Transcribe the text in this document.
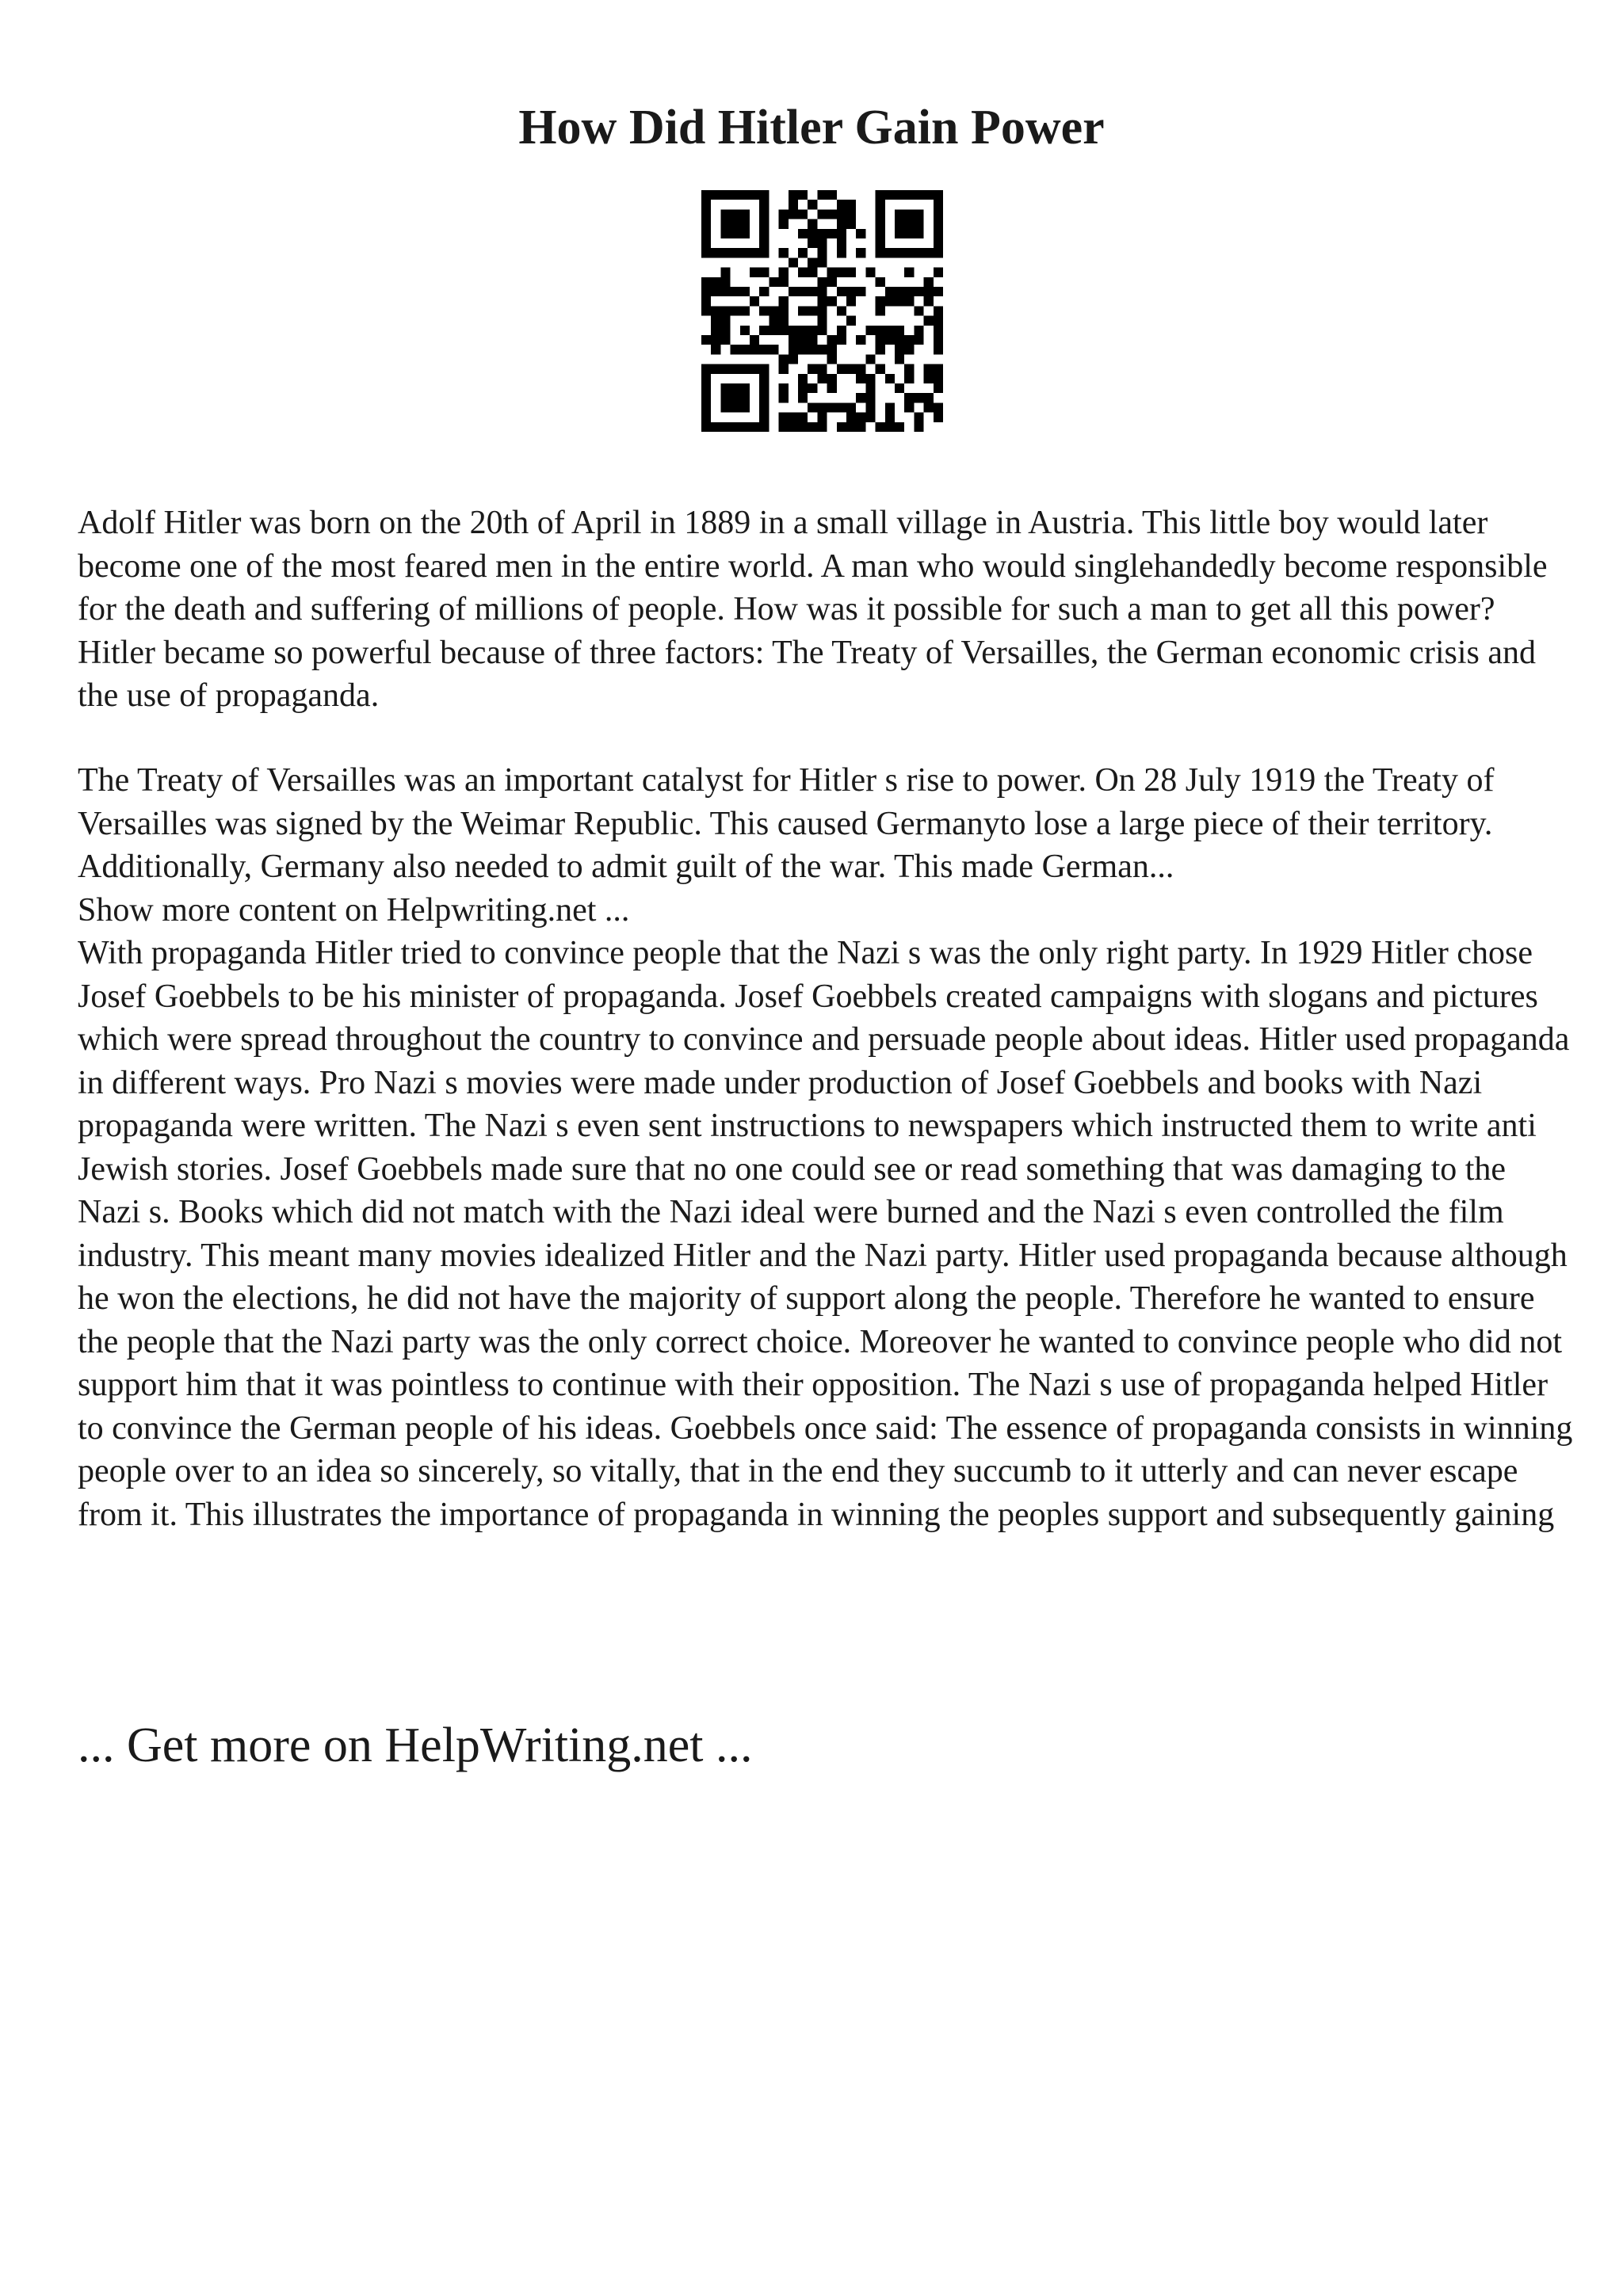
How Did Hitler Gain Power

Adolf Hitler was born on the 20th of April in 1889 in a small village in Austria. This little boy would later become one of the most feared men in the entire world. A man who would singlehandedly become responsible for the death and suffering of millions of people. How was it possible for such a man to get all this power? Hitler became so powerful because of three factors: The Treaty of Versailles, the German economic crisis and the use of propaganda.

The Treaty of Versailles was an important catalyst for Hitler s rise to power. On 28 July 1919 the Treaty of Versailles was signed by the Weimar Republic. This caused Germanyto lose a large piece of their territory. Additionally, Germany also needed to admit guilt of the war. This made German...
Show more content on Helpwriting.net ...
With propaganda Hitler tried to convince people that the Nazi s was the only right party. In 1929 Hitler chose Josef Goebbels to be his minister of propaganda. Josef Goebbels created campaigns with slogans and pictures which were spread throughout the country to convince and persuade people about ideas. Hitler used propaganda in different ways. Pro Nazi s movies were made under production of Josef Goebbels and books with Nazi propaganda were written. The Nazi s even sent instructions to newspapers which instructed them to write anti Jewish stories. Josef Goebbels made sure that no one could see or read something that was damaging to the Nazi s. Books which did not match with the Nazi ideal were burned and the Nazi s even controlled the film industry. This meant many movies idealized Hitler and the Nazi party. Hitler used propaganda because although he won the elections, he did not have the majority of support along the people. Therefore he wanted to ensure the people that the Nazi party was the only correct choice. Moreover he wanted to convince people who did not support him that it was pointless to continue with their opposition. The Nazi s use of propaganda helped Hitler to convince the German people of his ideas. Goebbels once said: The essence of propaganda consists in winning people over to an idea so sincerely, so vitally, that in the end they succumb to it utterly and can never escape from it. This illustrates the importance of propaganda in winning the peoples support and subsequently gaining

... Get more on HelpWriting.net ...
